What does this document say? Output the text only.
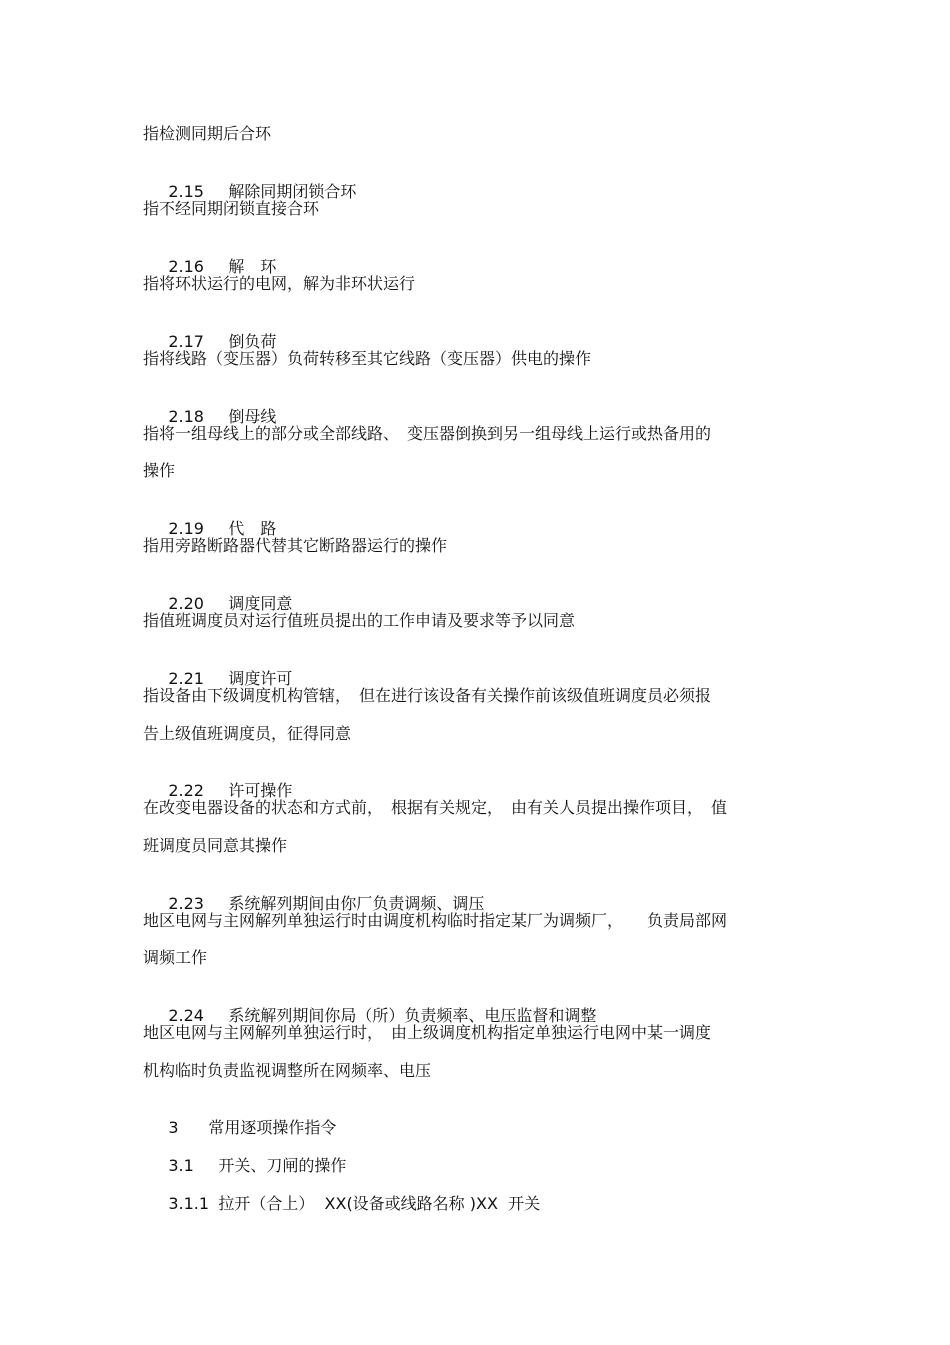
指检测同期后合环

2.15 解除同期闭锁合环

指不经同期闭锁直接合环

2.16 解　环

指将环状运行的电网，解为非环状运行

2.17 倒负荷

指将线路（变压器）负荷转移至其它线路（变压器）供电的操作

2.18 倒母线

指将一组母线上的部分或全部线路、　变压器倒换到另一组母线上运行或热备用的
操作

2.19 代　路

指用旁路断路器代替其它断路器运行的操作

2.20 调度同意

指值班调度员对运行值班员提出的工作申请及要求等予以同意

2.21 调度许可

指设备由下级调度机构管辖，　但在进行该设备有关操作前该级值班调度员必须报
告上级值班调度员，征得同意

2.22 许可操作

在改变电器设备的状态和方式前，　根据有关规定，　由有关人员提出操作项目，　值
班调度员同意其操作

2.23 系统解列期间由你厂负责调频、调压

地区电网与主网解列单独运行时由调度机构临时指定某厂为调频厂，　　负责局部网
调频工作

2.24 系统解列期间你局（所）负责频率、电压监督和调整

地区电网与主网解列单独运行时，　由上级调度机构指定单独运行电网中某一调度
机构临时负责监视调整所在网频率、电压

3 常用逐项操作指令

3.1 开关、刀闸的操作

3.1.1 拉开（合上）  XX(设备或线路名称 )XX  开关
